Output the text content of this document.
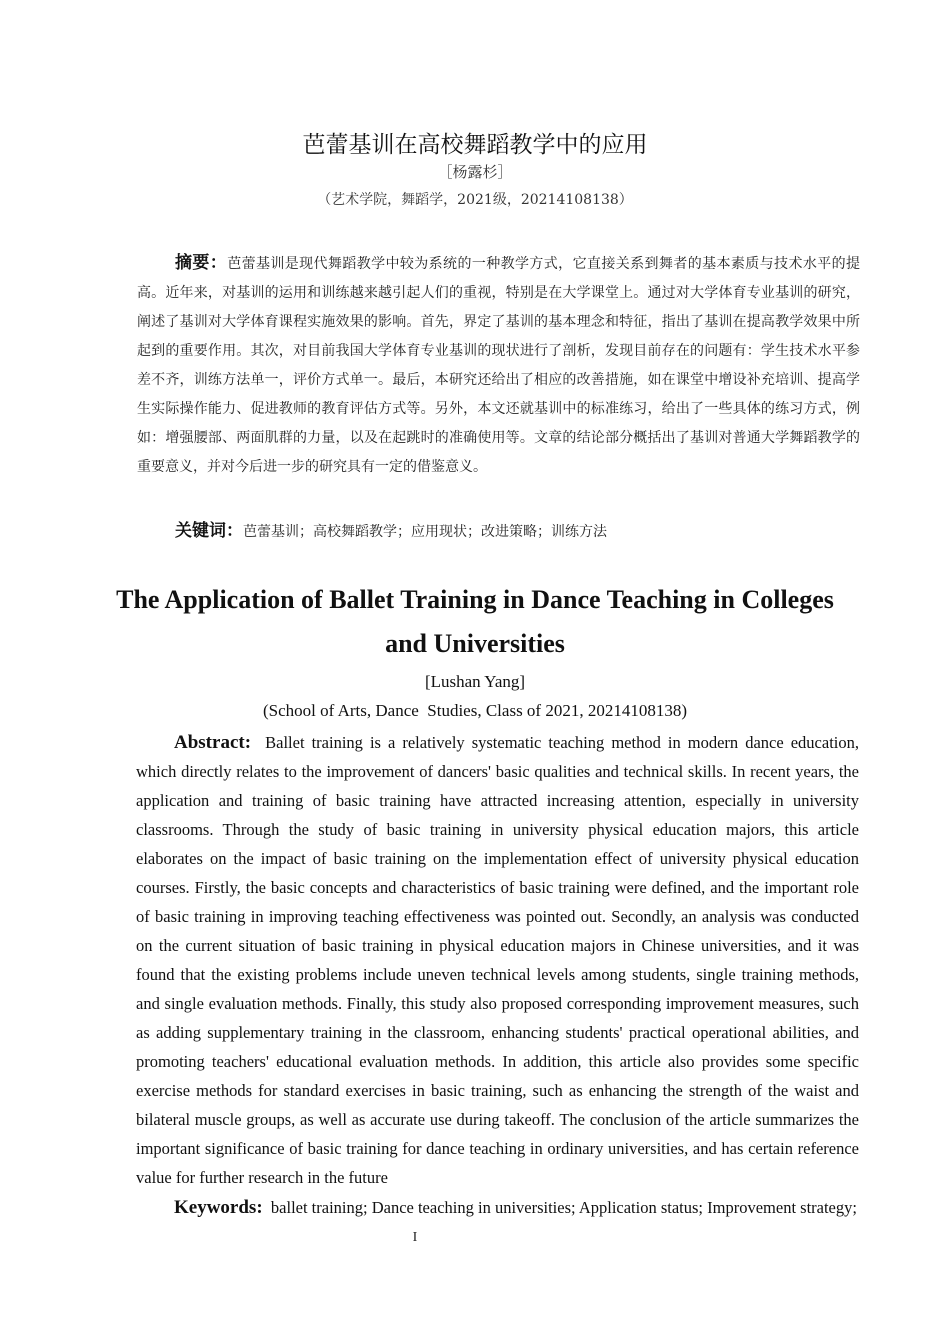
芭蕾基训在高校舞蹈教学中的应用
［杨露杉］
（艺术学院，舞蹈学，2021级，20214108138）

摘要：芭蕾基训是现代舞蹈教学中较为系统的一种教学方式，它直接关系到舞者的基本素质与技术水平的提高。近年来，对基训的运用和训练越来越引起人们的重视，特别是在大学课堂上。通过对大学体育专业基训的研究，阐述了基训对大学体育课程实施效果的影响。首先，界定了基训的基本理念和特征，指出了基训在提高教学效果中所起到的重要作用。其次，对目前我国大学体育专业基训的现状进行了剖析，发现目前存在的问题有：学生技术水平参差不齐，训练方法单一，评价方式单一。最后，本研究还给出了相应的改善措施，如在课堂中增设补充培训、提高学生实际操作能力、促进教师的教育评估方式等。另外，本文还就基训中的标准练习，给出了一些具体的练习方式，例如：增强腰部、两面肌群的力量，以及在起跳时的准确使用等。文章的结论部分概括出了基训对普通大学舞蹈教学的重要意义，并对今后进一步的研究具有一定的借鉴意义。

关键词：芭蕾基训；高校舞蹈教学；应用现状；改进策略；训练方法

The Application of Ballet Training in Dance Teaching in Colleges
and Universities
[Lushan Yang]
(School of Arts, Dance  Studies, Class of 2021, 20214108138)

Abstract: Ballet training is a relatively systematic teaching method in modern dance education, which directly relates to the improvement of dancers' basic qualities and technical skills. In recent years, the application and training of basic training have attracted increasing attention, especially in university classrooms. Through the study of basic training in university physical education majors, this article elaborates on the impact of basic training on the implementation effect of university physical education courses. Firstly, the basic concepts and characteristics of basic training were defined, and the important role of basic training in improving teaching effectiveness was pointed out. Secondly, an analysis was conducted on the current situation of basic training in physical education majors in Chinese universities, and it was found that the existing problems include uneven technical levels among students, single training methods, and single evaluation methods. Finally, this study also proposed corresponding improvement measures, such as adding supplementary training in the classroom, enhancing students' practical operational abilities, and promoting teachers' educational evaluation methods. In addition, this article also provides some specific exercise methods for standard exercises in basic training, such as enhancing the strength of the waist and bilateral muscle groups, as well as accurate use during takeoff. The conclusion of the article summarizes the important significance of basic training for dance teaching in ordinary universities, and has certain reference value for further research in the future

Keywords: ballet training; Dance teaching in universities; Application status; Improvement strategy;

I
